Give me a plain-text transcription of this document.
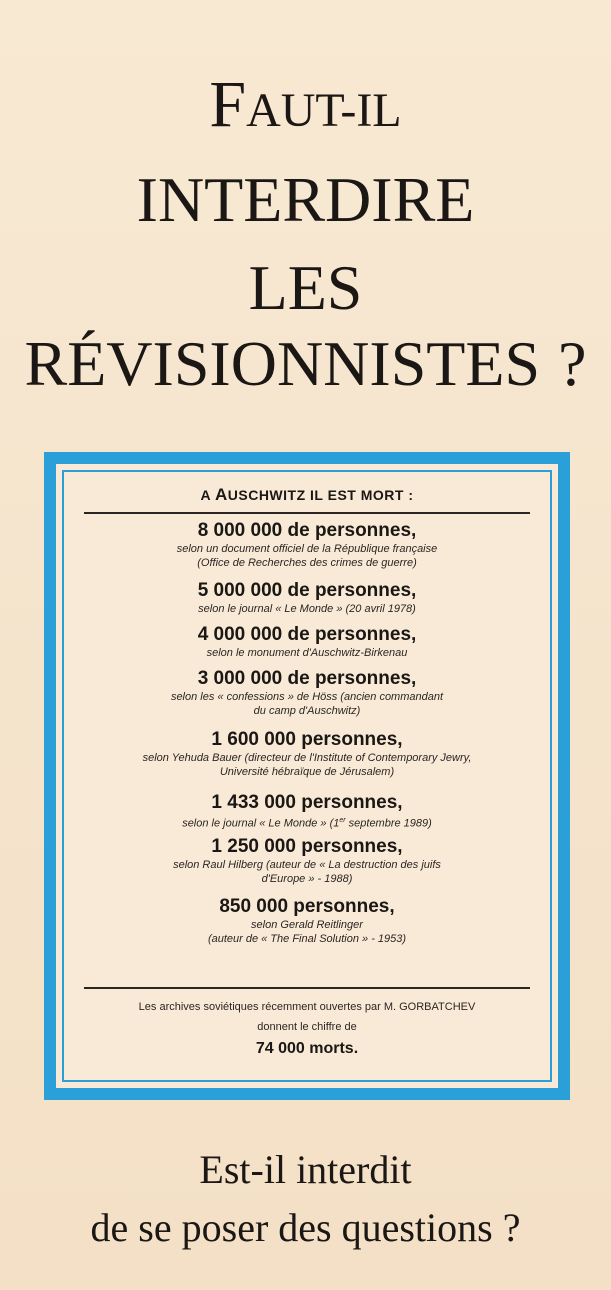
FAUT-IL
INTERDIRE
LES
RÉVISIONNISTES ?
A AUSCHWITZ IL EST MORT :
8 000 000 de personnes,
selon un document officiel de la République française
(Office de Recherches des crimes de guerre)
5 000 000 de personnes,
selon le journal « Le Monde » (20 avril 1978)
4 000 000 de personnes,
selon le monument d'Auschwitz-Birkenau
3 000 000 de personnes,
selon les « confessions » de Höss (ancien commandant
du camp d'Auschwitz)
1 600 000 personnes,
selon Yehuda Bauer (directeur de l'Institute of Contemporary Jewry,
Université hébraïque de Jérusalem)
1 433 000 personnes,
selon le journal « Le Monde » (1er septembre 1989)
1 250 000 personnes,
selon Raul Hilberg (auteur de « La destruction des juifs
d'Europe » - 1988)
850 000 personnes,
selon Gerald Reitlinger
(auteur de « The Final Solution » - 1953)
Les archives soviétiques récemment ouvertes par M. GORBATCHEV
donnent le chiffre de
74 000 morts.
Est-il interdit
de se poser des questions ?
